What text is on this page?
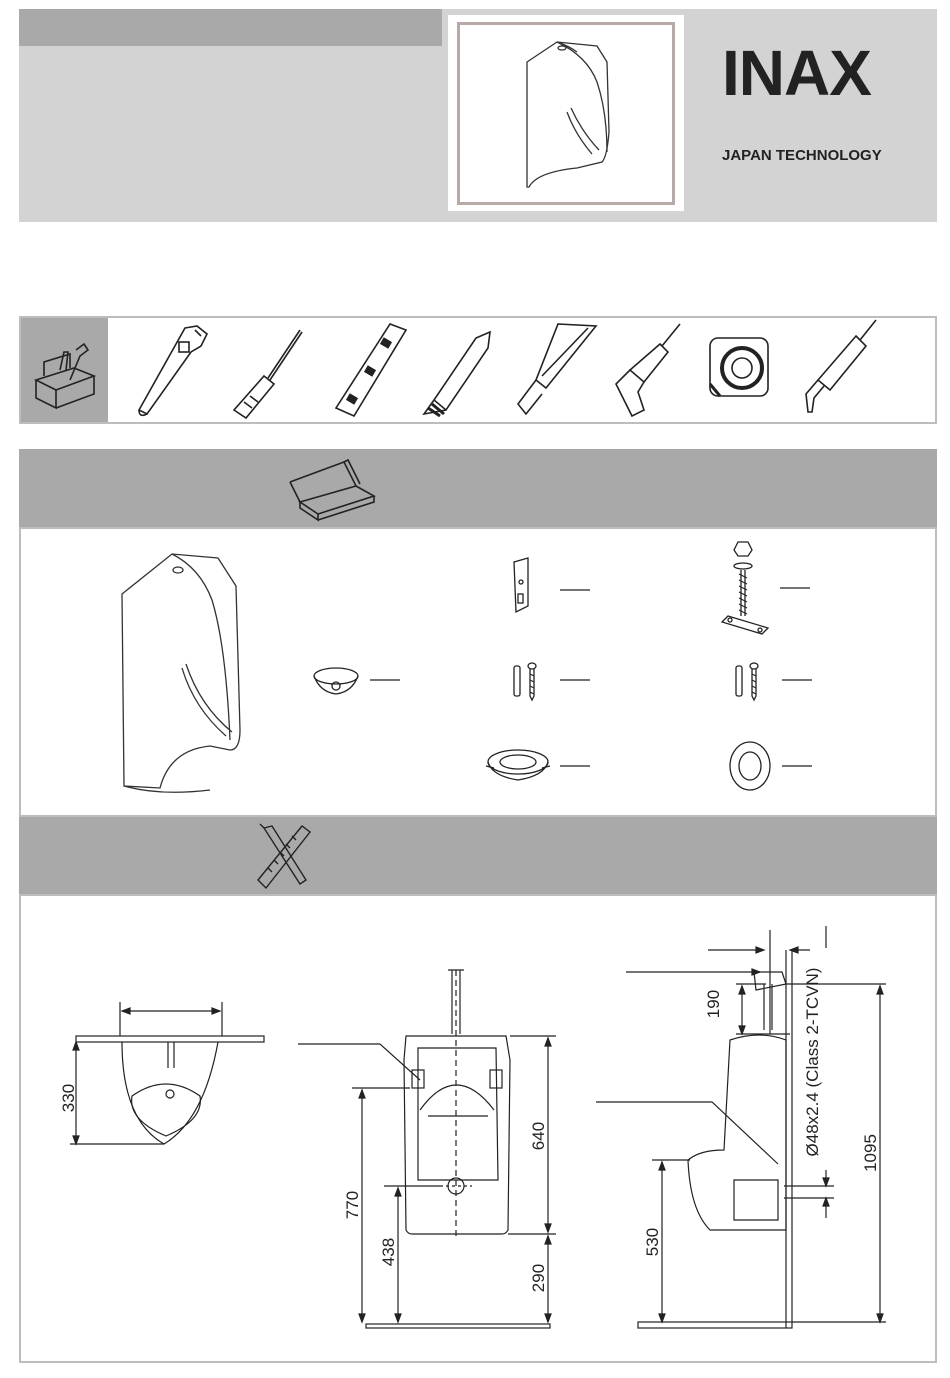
INAX
JAPAN TECHNOLOGY
330
770
438
640
290
190	Ø48x2.4 (Class 2-TCVN) 1095
530
